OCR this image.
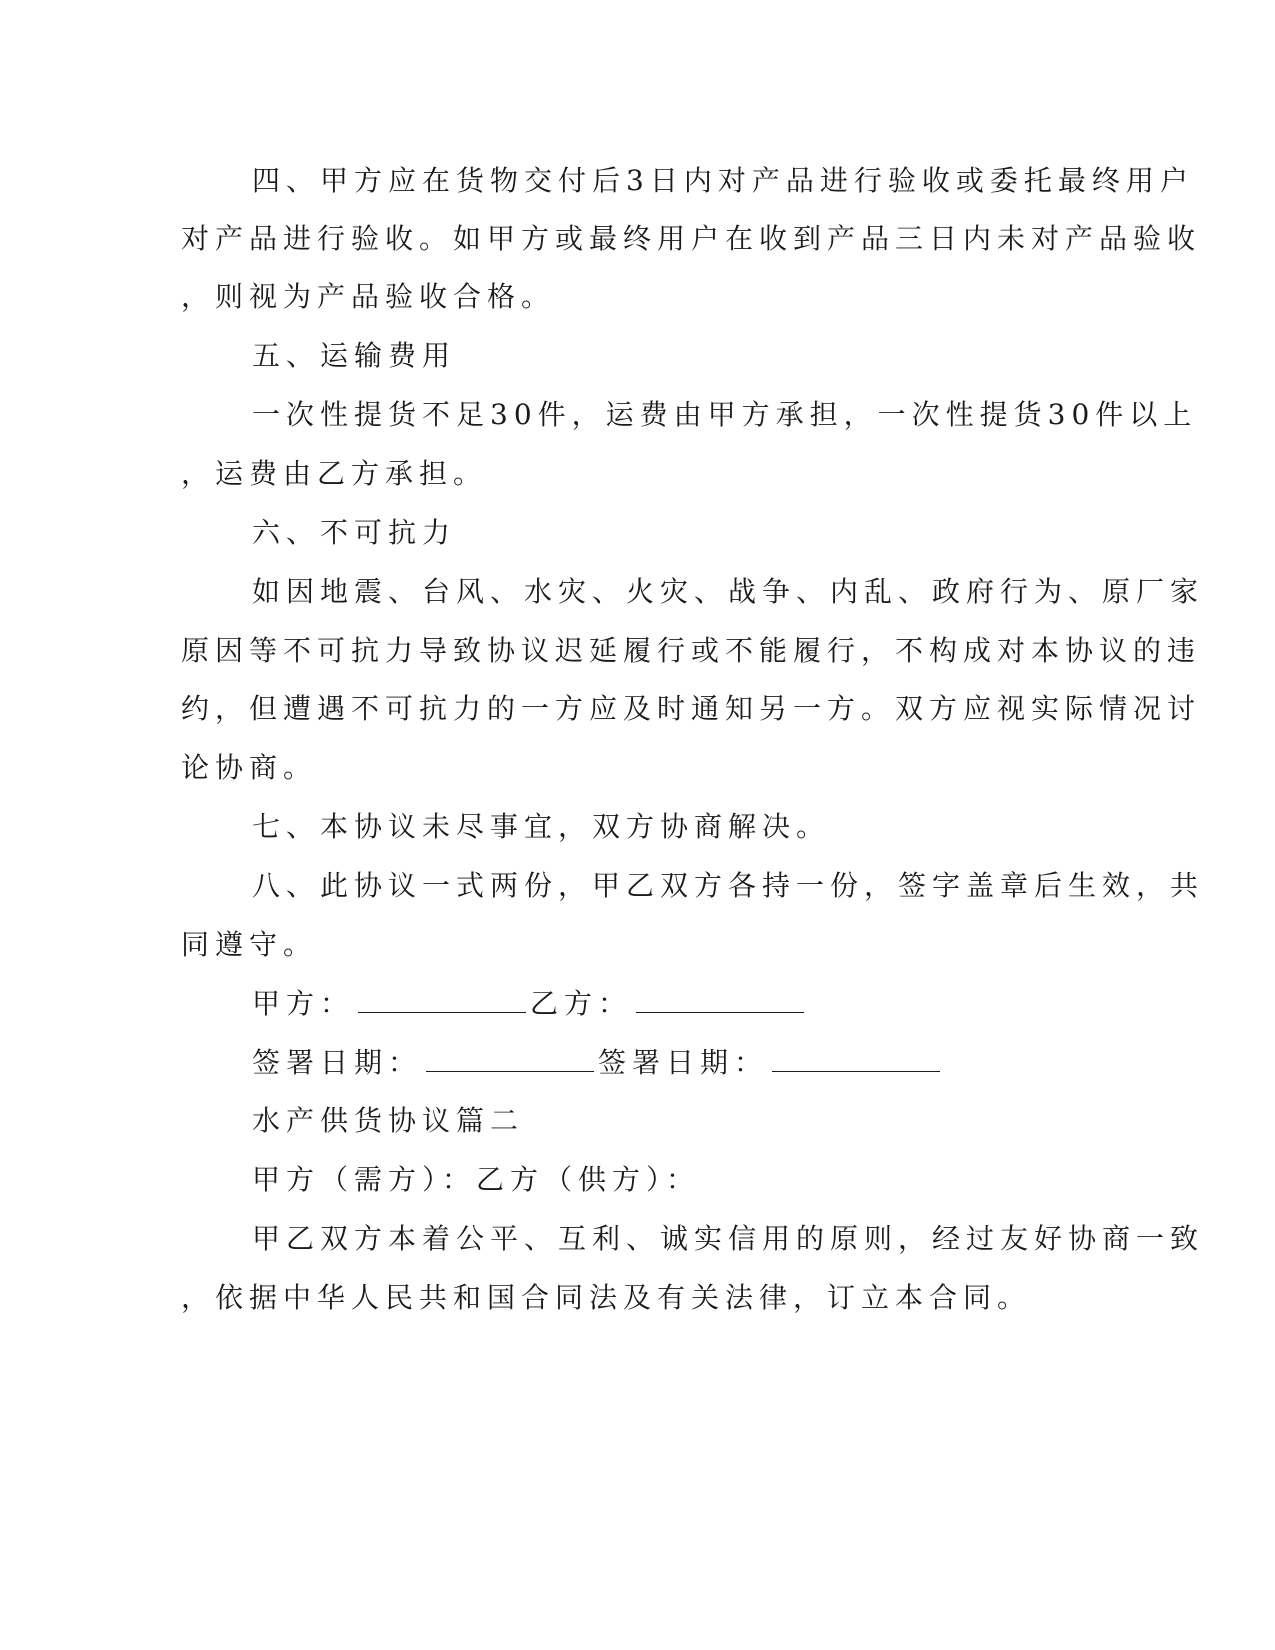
四、甲方应在货物交付后3日内对产品进行验收或委托最终用户
对产品进行验收。如甲方或最终用户在收到产品三日内未对产品验收
，则视为产品验收合格。
五、运输费用
一次性提货不足30件，运费由甲方承担，一次性提货30件以上
，运费由乙方承担。
六、不可抗力
如因地震、台风、水灾、火灾、战争、内乱、政府行为、原厂家
原因等不可抗力导致协议迟延履行或不能履行，不构成对本协议的违
约，但遭遇不可抗力的一方应及时通知另一方。双方应视实际情况讨
论协商。
七、本协议未尽事宜，双方协商解决。
八、此协议一式两份，甲乙双方各持一份，签字盖章后生效，共
同遵守。
甲方：	乙方：
签署日期：	签署日期：
水产供货协议篇二
甲方（需方）：乙方（供方）：
甲乙双方本着公平、互利、诚实信用的原则，经过友好协商一致
，依据中华人民共和国合同法及有关法律，订立本合同。
